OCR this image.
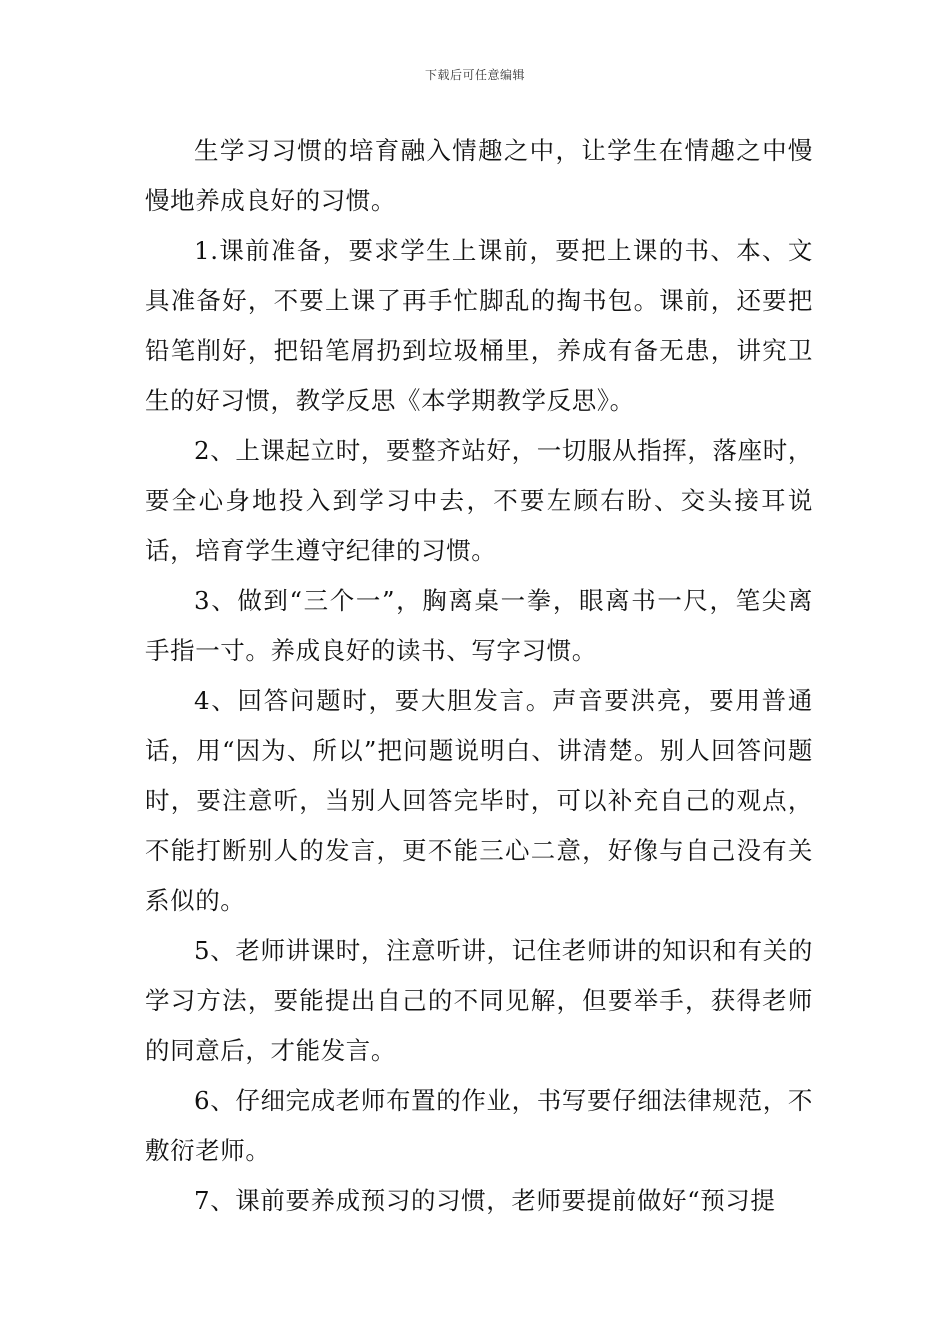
下载后可任意编辑

生学习习惯的培育融入情趣之中，让学生在情趣之中慢慢地养成良好的习惯。

1.课前准备，要求学生上课前，要把上课的书、本、文具准备好，不要上课了再手忙脚乱的掏书包。课前，还要把铅笔削好，把铅笔屑扔到垃圾桶里，养成有备无患，讲究卫生的好习惯，教学反思《本学期教学反思》。

2、上课起立时，要整齐站好，一切服从指挥，落座时，要全心身地投入到学习中去，不要左顾右盼、交头接耳说话，培育学生遵守纪律的习惯。

3、做到“三个一”，胸离桌一拳，眼离书一尺，笔尖离手指一寸。养成良好的读书、写字习惯。

4、回答问题时，要大胆发言。声音要洪亮，要用普通话，用“因为、所以”把问题说明白、讲清楚。别人回答问题时，要注意听，当别人回答完毕时，可以补充自己的观点，不能打断别人的发言，更不能三心二意，好像与自己没有关系似的。

5、老师讲课时，注意听讲，记住老师讲的知识和有关的学习方法，要能提出自己的不同见解，但要举手，获得老师的同意后，才能发言。

6、仔细完成老师布置的作业，书写要仔细法律规范，不敷衍老师。

7、课前要养成预习的习惯，老师要提前做好“预习提
